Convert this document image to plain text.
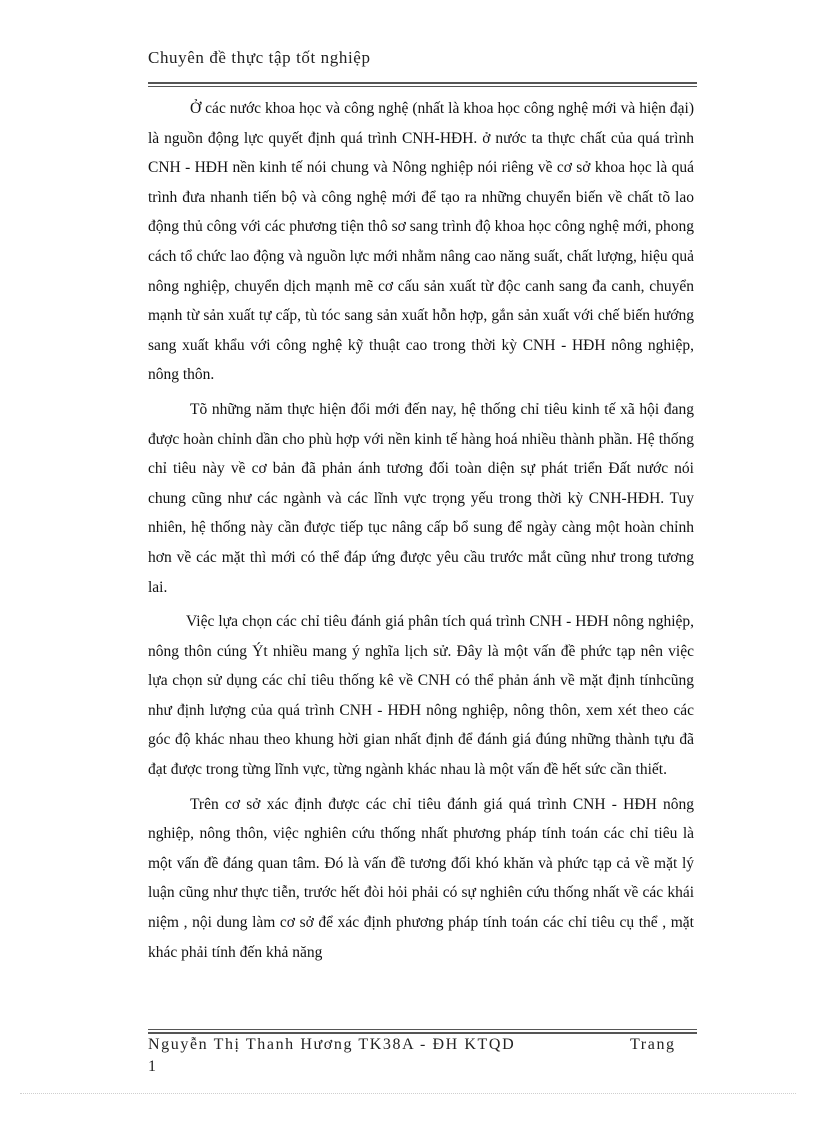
Chuyên đề thực tập tốt nghiệp

Ở các nước khoa học và công nghệ (nhất là khoa học công nghệ mới và hiện đại) là nguồn động lực quyết định quá trình CNH-HĐH. ở nước ta thực chất của quá trình CNH - HĐH nền kinh tế nói chung và Nông nghiệp nói riêng về cơ sở khoa học là quá trình đưa nhanh tiến bộ và công nghệ mới để tạo ra những chuyển biến về chất tõ lao động thủ công với các phương tiện thô sơ sang trình độ khoa học công nghệ mới, phong cách tổ chức lao động và nguồn lực mới nhằm nâng cao năng suất, chất lượng, hiệu quả nông nghiệp, chuyển dịch mạnh mẽ cơ cấu sản xuất từ độc canh sang đa canh, chuyển mạnh từ sản xuất tự cấp, tù tóc sang sản xuất hỗn hợp, gắn sản xuất với chế biến hướng sang xuất khẩu với công nghệ kỹ thuật cao trong thời kỳ CNH - HĐH nông nghiệp, nông thôn.

Tõ những năm thực hiện đổi mới đến nay, hệ thống chỉ tiêu kinh tế xã hội đang được hoàn chỉnh dần cho phù hợp với nền kinh tế hàng hoá nhiều thành phần. Hệ thống chỉ tiêu này về cơ bản đã phản ánh tương đối toàn diện sự phát triển Đất nước nói chung cũng như các ngành và các lĩnh vực trọng yếu trong thời kỳ CNH-HĐH. Tuy nhiên, hệ thống này cần được tiếp tục nâng cấp bổ sung để ngày càng một hoàn chỉnh hơn về các mặt thì mới có thể đáp ứng được yêu cầu trước mắt cũng như trong tương lai.

Việc lựa chọn các chỉ tiêu đánh giá phân tích quá trình CNH - HĐH nông nghiệp, nông thôn cúng Ýt nhiều mang ý nghĩa lịch sử. Đây là một vấn đề phức tạp nên việc lựa chọn sử dụng các chỉ tiêu thống kê về CNH có thể phản ánh về mặt định tínhcũng như định lượng của quá trình CNH - HĐH nông nghiệp, nông thôn, xem xét theo các góc độ khác nhau theo khung hời gian nhất định để đánh giá đúng những thành tựu đã đạt được trong từng lĩnh vực, từng ngành khác nhau là một vấn đề hết sức cần thiết.

Trên cơ sở xác định được các chỉ tiêu đánh giá quá trình CNH - HĐH nông nghiệp, nông thôn, việc nghiên cứu thống nhất phương pháp tính toán các chỉ tiêu là một vấn đề đáng quan tâm. Đó là vấn đề tương đối khó khăn và phức tạp cả về mặt lý luận cũng như thực tiễn, trước hết đòi hỏi phải có sự nghiên cứu thống nhất về các khái niệm , nội dung làm cơ sở để xác định phương pháp tính toán các chỉ tiêu cụ thể , mặt khác phải tính đến khả năng

Nguyễn Thị Thanh Hương TK38A - ĐH KTQD	Trang
1
